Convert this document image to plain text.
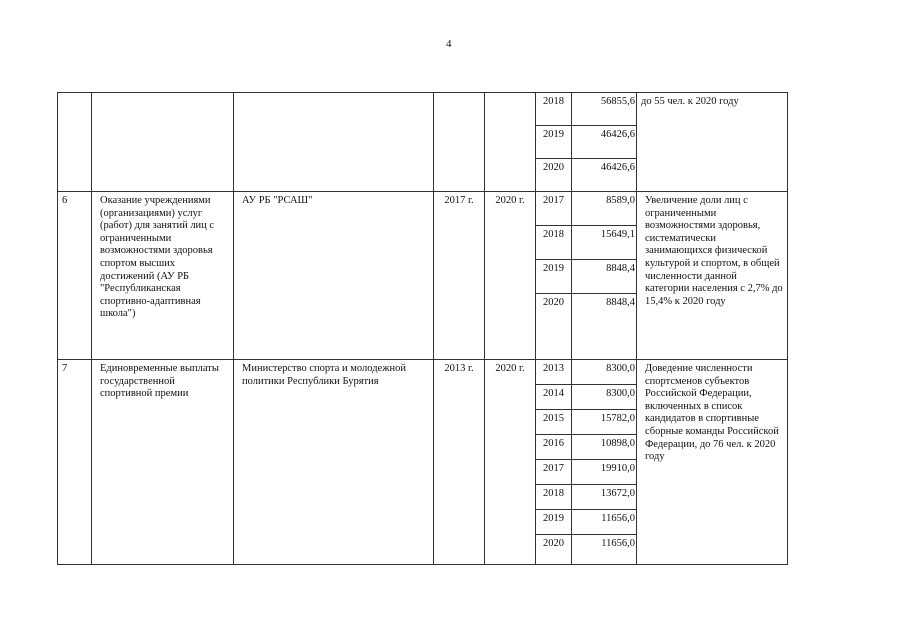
4

					2018	56855,6	до 55 чел. к 2020 году

					2019	46426,6	

					2020	46426,6	

6	Оказание учреждениями (организациями) услуг (работ) для занятий лиц с ограниченными возможностями здоровья спортом высших достижений (АУ РБ "Республиканская спортивно-адаптивная школа")	АУ РБ "РСАШ"	2017 г.	2020 г.	2017	8589,0	Увеличение доли лиц с ограниченными возможностями здоровья, систематически занимающихся физической культурой и спортом, в общей численности данной категории населения с 2,7% до 15,4% к 2020 году

					2018	15649,1	

					2019	8848,4	

					2020	8848,4	

7	Единовременные выплаты государственной спортивной премии	Министерство спорта и молодежной политики Республики Бурятия	2013 г.	2020 г.	2013	8300,0	Доведение численности спортсменов субъектов Российской Федерации, включенных в список кандидатов в спортивные сборные команды Российской Федерации, до 76 чел. к 2020 году

					2014	8300,0	

					2015	15782,0	

					2016	10898,0	

					2017	19910,0	

					2018	13672,0	

					2019	11656,0	

					2020	11656,0	
